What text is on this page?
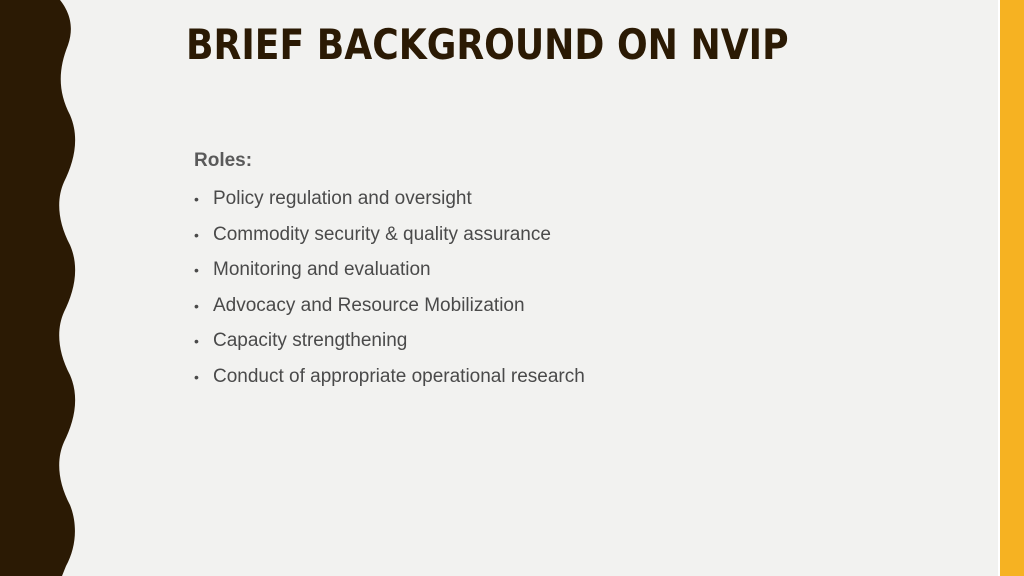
BRIEF BACKGROUND ON NVIP
Roles:
• Policy regulation and oversight
• Commodity security & quality assurance
• Monitoring and evaluation
• Advocacy and Resource Mobilization
• Capacity strengthening
• Conduct of appropriate operational research
